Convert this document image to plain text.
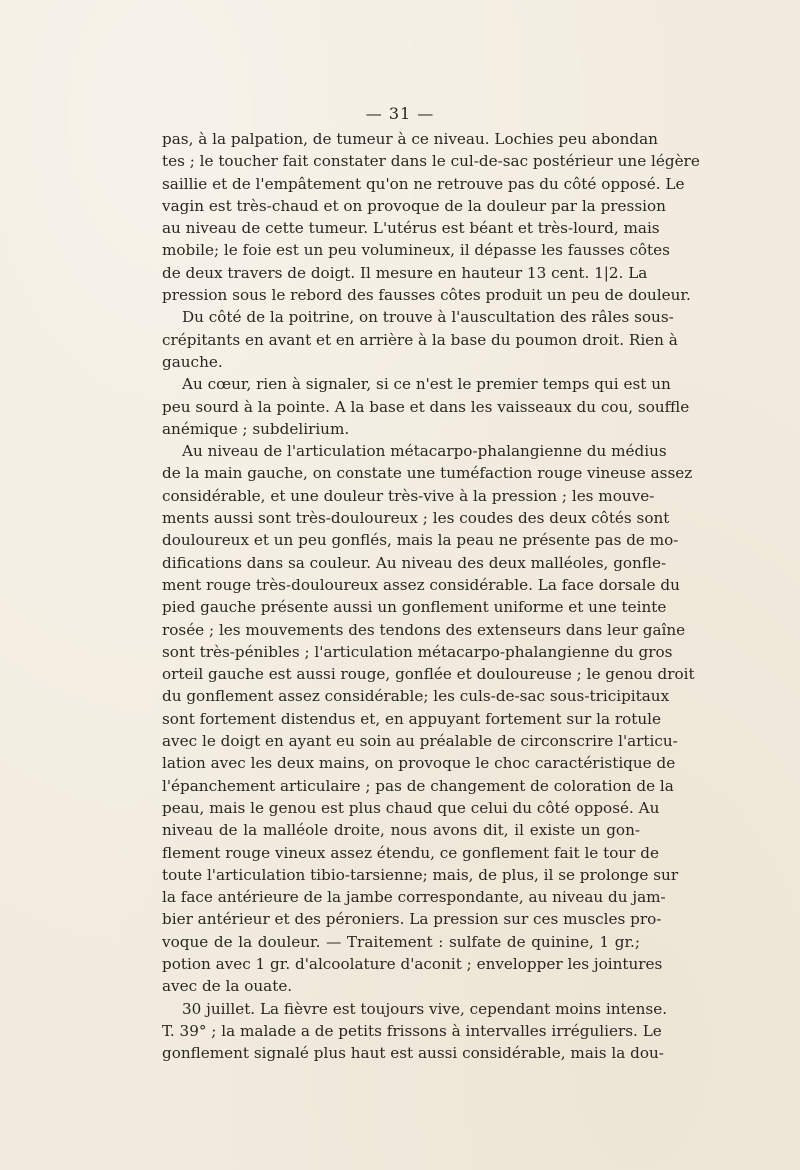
— 31 —
pas, à la palpation, de tumeur à ce niveau. Lochies peu abondan
tes ; le toucher fait constater dans le cul-de-sac postérieur une légère
saillie et de l'empâtement qu'on ne retrouve pas du côté opposé. Le
vagin est très-chaud et on provoque de la douleur par la pression
au niveau de cette tumeur. L'utérus est béant et très-lourd, mais
mobile; le foie est un peu volumineux, il dépasse les fausses côtes
de deux travers de doigt. Il mesure en hauteur 13 cent. 1|2. La
pression sous le rebord des fausses côtes produit un peu de douleur.
Du côté de la poitrine, on trouve à l'auscultation des râles sous-
crépitants en avant et en arrière à la base du poumon droit. Rien à
gauche.
Au cœur, rien à signaler, si ce n'est le premier temps qui est un
peu sourd à la pointe. A la base et dans les vaisseaux du cou, souffle
anémique ; subdelirium.
Au niveau de l'articulation métacarpo-phalangienne du médius
de la main gauche, on constate une tuméfaction rouge vineuse assez
considérable, et une douleur très-vive à la pression ; les mouve-
ments aussi sont très-douloureux ; les coudes des deux côtés sont
douloureux et un peu gonflés, mais la peau ne présente pas de mo-
difications dans sa couleur. Au niveau des deux malléoles, gonfle-
ment rouge très-douloureux assez considérable. La face dorsale du
pied gauche présente aussi un gonflement uniforme et une teinte
rosée ; les mouvements des tendons des extenseurs dans leur gaîne
sont très-pénibles ; l'articulation métacarpo-phalangienne du gros
orteil gauche est aussi rouge, gonflée et douloureuse ; le genou droit
du gonflement assez considérable; les culs-de-sac sous-tricipitaux
sont fortement distendus et, en appuyant fortement sur la rotule
avec le doigt en ayant eu soin au préalable de circonscrire l'articu-
lation avec les deux mains, on provoque le choc caractéristique de
l'épanchement articulaire ; pas de changement de coloration de la
peau, mais le genou est plus chaud que celui du côté opposé. Au
niveau de la malléole droite, nous avons dit, il existe un gon-
flement rouge vineux assez étendu, ce gonflement fait le tour de
toute l'articulation tibio-tarsienne; mais, de plus, il se prolonge sur
la face antérieure de la jambe correspondante, au niveau du jam-
bier antérieur et des péroniers. La pression sur ces muscles pro-
voque de la douleur. — Traitement : sulfate de quinine, 1 gr.;
potion avec 1 gr. d'alcoolature d'aconit ; envelopper les jointures
avec de la ouate.
30 juillet. La fièvre est toujours vive, cependant moins intense.
T. 39° ; la malade a de petits frissons à intervalles irréguliers. Le
gonflement signalé plus haut est aussi considérable, mais la dou-
